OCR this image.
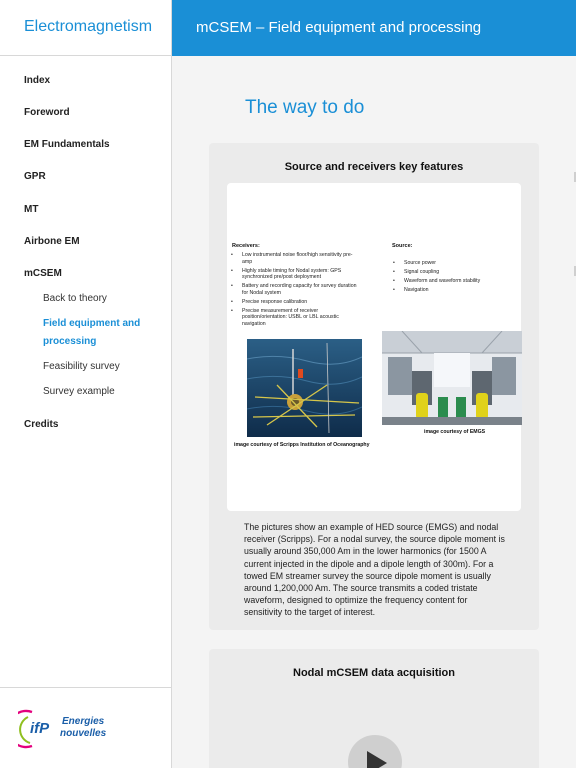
Electromagnetism
Index
Foreword
EM Fundamentals
GPR
MT
Airbone EM
mCSEM
Back to theory
Field equipment and processing
Feasibility survey
Survey example
Credits
ifP Energies
nouvelles
mCSEM – Field equipment and processing
The way to do
Source and receivers key features
Receivers:
• Low instrumental noise floor/high sensitivity pre-amp
• Highly stable timing for Nodal system: GPS synchronized pre/post deployment
• Battery and recording capacity for survey duration for Nodal system
• Precise response calibration
• Precise measurement of receiver position/orientation: USBL or LBL acoustic navigation
Source:
• Source power
• Signal coupling
• Waveform and waveform stability
• Navigation
image courtesy of Scripps Institution of Oceanography
image courtesy of EMGS

The pictures show an example of HED source (EMGS) and nodal receiver (Scripps). For a nodal survey, the source dipole moment is usually around 350,000 Am in the lower harmonics (for 1500 A current injected in the dipole and a dipole length of 300m). For a towed EM streamer survey the source dipole moment is usually around 1,200,000 Am. The source transmits a coded tristate waveform, designed to optimize the frequency content for sensitivity to the target of interest.

Nodal mCSEM data acquisition
